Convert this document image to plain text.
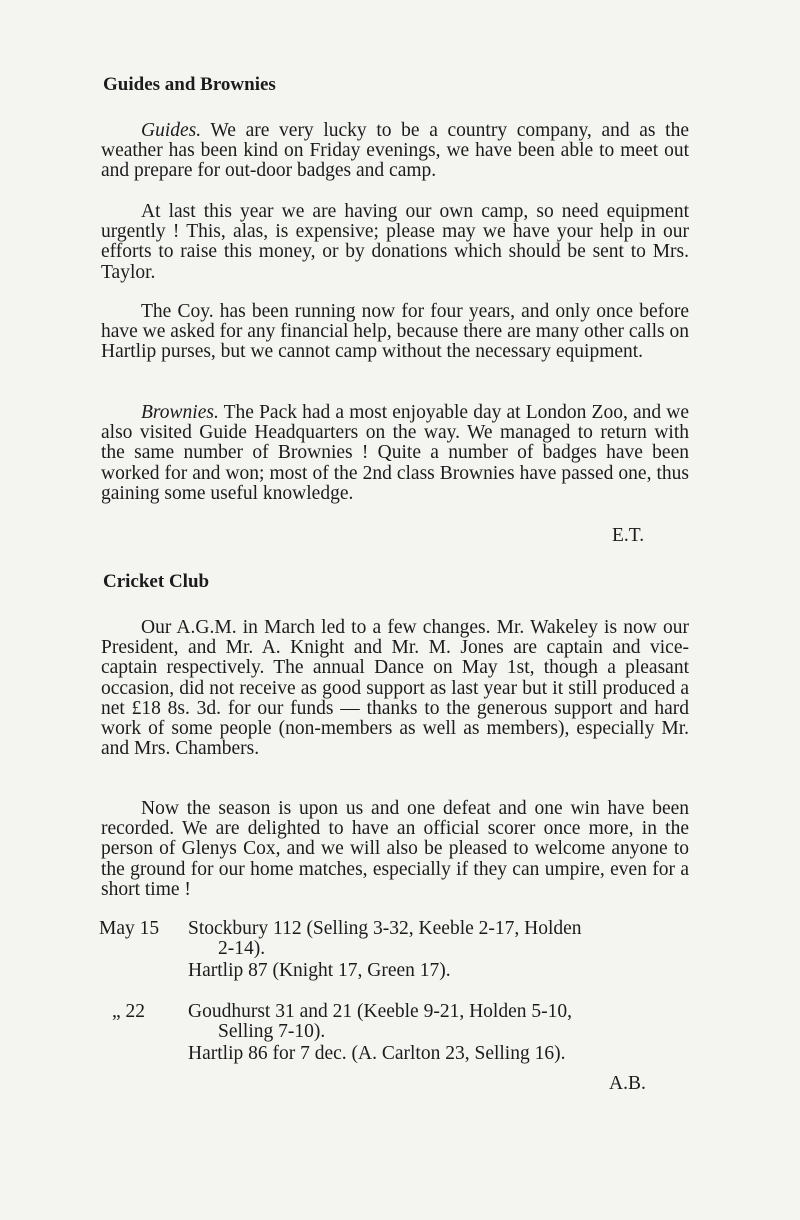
Guides and Brownies

Guides. We are very lucky to be a country company, and as the weather has been kind on Friday evenings, we have been able to meet out and prepare for out-door badges and camp.

At last this year we are having our own camp, so need equipment urgently ! This, alas, is expensive; please may we have your help in our efforts to raise this money, or by donations which should be sent to Mrs. Taylor.

The Coy. has been running now for four years, and only once before have we asked for any financial help, because there are many other calls on Hartlip purses, but we cannot camp without the necessary equipment.

Brownies. The Pack had a most enjoyable day at London Zoo, and we also visited Guide Headquarters on the way. We managed to return with the same number of Brownies ! Quite a number of badges have been worked for and won; most of the 2nd class Brownies have passed one, thus gaining some useful knowledge.

E.T.
Cricket Club

Our A.G.M. in March led to a few changes. Mr. Wakeley is now our President, and Mr. A. Knight and Mr. M. Jones are captain and vice-captain respectively. The annual Dance on May 1st, though a pleasant occasion, did not receive as good support as last year but it still produced a net £18 8s. 3d. for our funds — thanks to the generous support and hard work of some people (non-members as well as members), especially Mr. and Mrs. Chambers.

Now the season is upon us and one defeat and one win have been recorded. We are delighted to have an official scorer once more, in the person of Glenys Cox, and we will also be pleased to welcome anyone to the ground for our home matches, especially if they can umpire, even for a short time !

May 15 Stockbury 112 (Selling 3-32, Keeble 2-17, Holden
2-14).
Hartlip 87 (Knight 17, Green 17).
„ 22 Goudhurst 31 and 21 (Keeble 9-21, Holden 5-10,
Selling 7-10).
Hartlip 86 for 7 dec. (A. Carlton 23, Selling 16).
A.B.
